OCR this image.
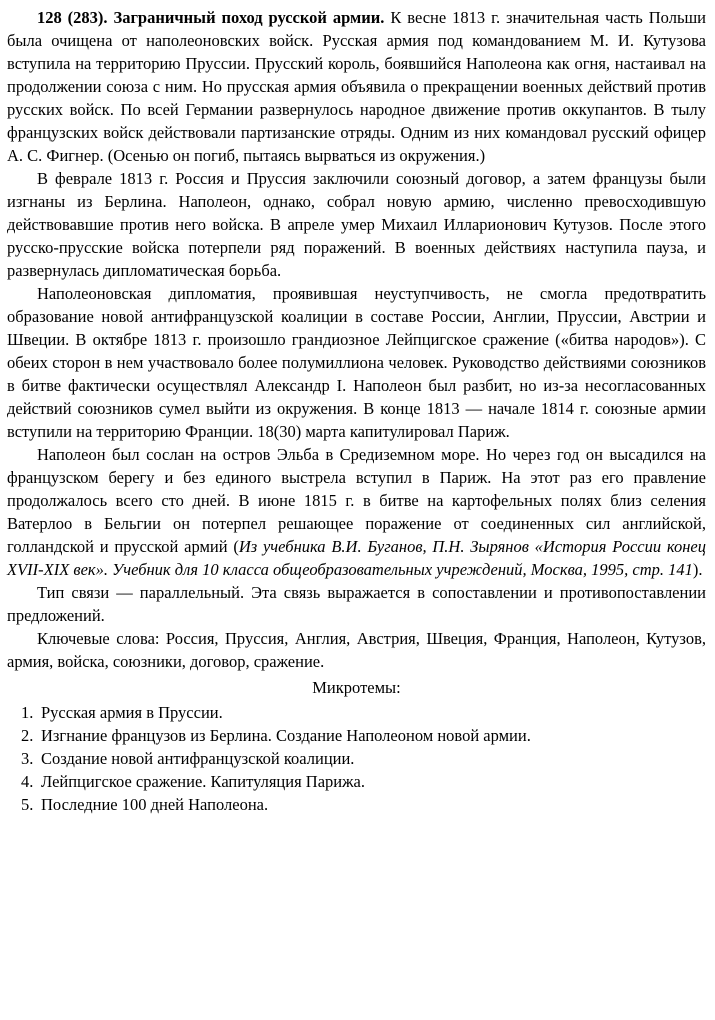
128 (283). Заграничный поход русской армии. К весне 1813 г. значительная часть Польши была очищена от наполеоновских войск. Русская армия под командованием М. И. Кутузова вступила на территорию Пруссии. Прусский король, боявшийся Наполеона как огня, настаивал на продолжении союза с ним. Но прусская армия объявила о прекращении военных действий против русских войск. По всей Германии развернулось народное движение против оккупантов. В тылу французских войск действовали партизанские отряды. Одним из них командовал русский офицер А. С. Фигнер. (Осенью он погиб, пытаясь вырваться из окружения.)

В феврале 1813 г. Россия и Пруссия заключили союзный договор, а затем французы были изгнаны из Берлина. Наполеон, однако, собрал новую армию, численно превосходившую действовавшие против него войска. В апреле умер Михаил Илларионович Кутузов. После этого русско-прусские войска потерпели ряд поражений. В военных действиях наступила пауза, и развернулась дипломатическая борьба.

Наполеоновская дипломатия, проявившая неуступчивость, не смогла предотвратить образование новой антифранцузской коалиции в составе России, Англии, Пруссии, Австрии и Швеции. В октябре 1813 г. произошло грандиозное Лейпцигское сражение («битва народов»). С обеих сторон в нем участвовало более полумиллиона человек. Руководство действиями союзников в битве фактически осуществлял Александр I. Наполеон был разбит, но из-за несогласованных действий союзников сумел выйти из окружения. В конце 1813 — начале 1814 г. союзные армии вступили на территорию Франции. 18(30) марта капитулировал Париж.

Наполеон был сослан на остров Эльба в Средиземном море. Но через год он высадился на французском берегу и без единого выстрела вступил в Париж. На этот раз его правление продолжалось всего сто дней. В июне 1815 г. в битве на картофельных полях близ селения Ватерлоо в Бельгии он потерпел решающее поражение от соединенных сил английской, голландской и прусской армий (Из учебника В.И. Буганов, П.Н. Зырянов «История России конец XVII-XIX век». Учебник для 10 класса общеобразовательных учреждений, Москва, 1995, стр. 141).

Тип связи — параллельный. Эта связь выражается в сопоставлении и противопоставлении предложений.

Ключевые слова: Россия, Пруссия, Англия, Австрия, Швеция, Франция, Наполеон, Кутузов, армия, войска, союзники, договор, сражение.

Микротемы:

1. Русская армия в Пруссии.
2. Изгнание французов из Берлина. Создание Наполеоном новой армии.
3. Создание новой антифранцузской коалиции.
4. Лейпцигское сражение. Капитуляция Парижа.
5. Последние 100 дней Наполеона.
